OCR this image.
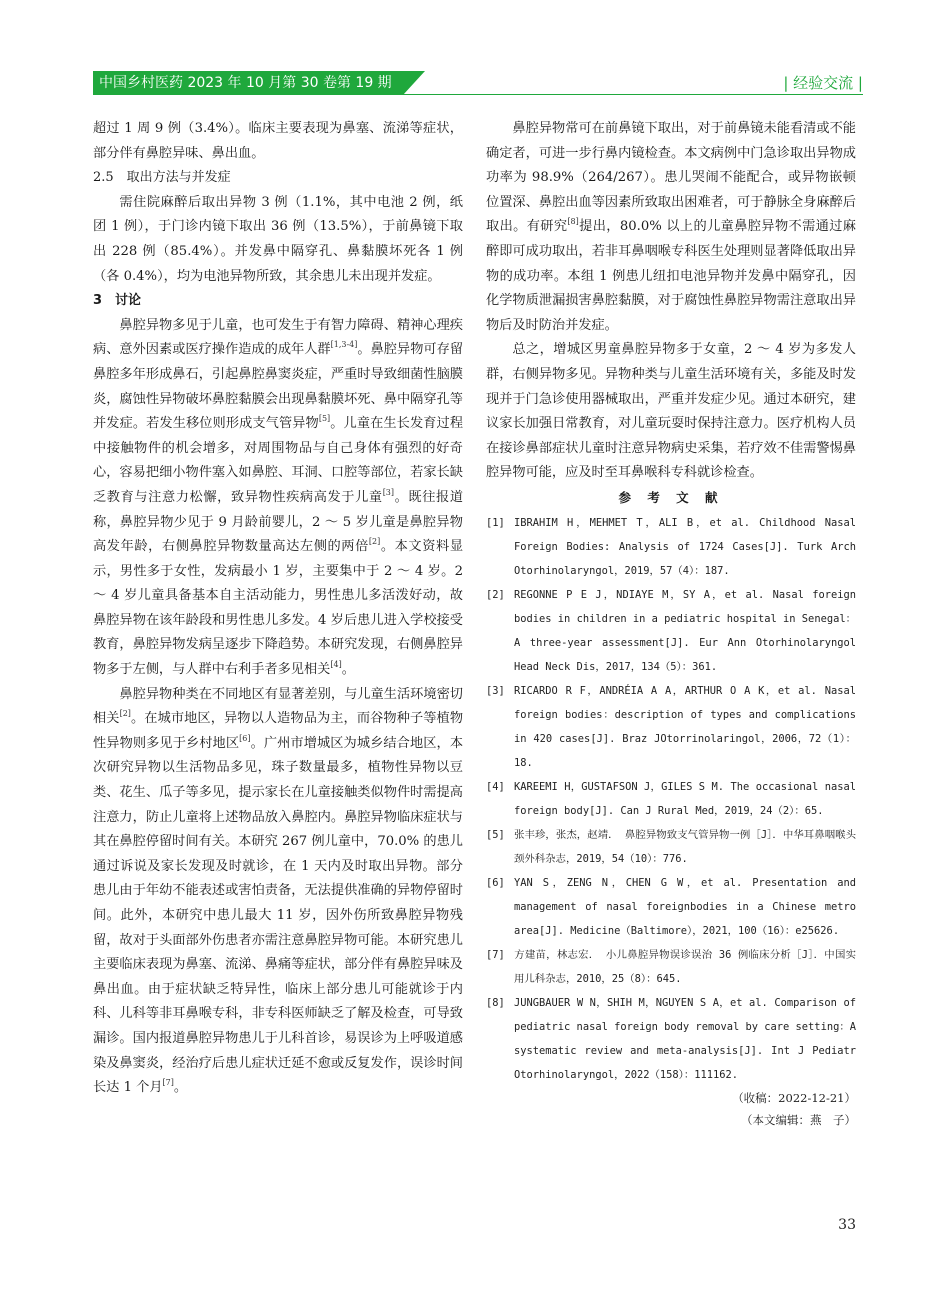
中国乡村医药 2023 年 10 月第 30 卷第 19 期	| 经验交流 |

超过 1 周 9 例（3.4%）。临床主要表现为鼻塞、流涕等症状，部分伴有鼻腔异味、鼻出血。

2.5　取出方法与并发症

需住院麻醉后取出异物 3 例（1.1%，其中电池 2 例，纸团 1 例），于门诊内镜下取出 36 例（13.5%），于前鼻镜下取出 228 例（85.4%）。并发鼻中隔穿孔、鼻黏膜坏死各 1 例（各 0.4%），均为电池异物所致，其余患儿未出现并发症。

3　讨论

鼻腔异物多见于儿童，也可发生于有智力障碍、精神心理疾病、意外因素或医疗操作造成的成年人群[1,3-4]。鼻腔异物可存留鼻腔多年形成鼻石，引起鼻腔鼻窦炎症，严重时导致细菌性脑膜炎，腐蚀性异物破坏鼻腔黏膜会出现鼻黏膜坏死、鼻中隔穿孔等并发症。若发生移位则形成支气管异物[5]。儿童在生长发育过程中接触物件的机会增多，对周围物品与自己身体有强烈的好奇心，容易把细小物件塞入如鼻腔、耳洞、口腔等部位，若家长缺乏教育与注意力松懈，致异物性疾病高发于儿童[3]。既往报道称，鼻腔异物少见于 9 月龄前婴儿，2 ～ 5 岁儿童是鼻腔异物高发年龄，右侧鼻腔异物数量高达左侧的两倍[2]。本文资料显示，男性多于女性，发病最小 1 岁，主要集中于 2 ～ 4 岁。2 ～ 4 岁儿童具备基本自主活动能力，男性患儿多活泼好动，故鼻腔异物在该年龄段和男性患儿多发。4 岁后患儿进入学校接受教育，鼻腔异物发病呈逐步下降趋势。本研究发现，右侧鼻腔异物多于左侧，与人群中右利手者多见相关[4]。

鼻腔异物种类在不同地区有显著差别，与儿童生活环境密切相关[2]。在城市地区，异物以人造物品为主，而谷物种子等植物性异物则多见于乡村地区[6]。广州市增城区为城乡结合地区，本次研究异物以生活物品多见，珠子数量最多，植物性异物以豆类、花生、瓜子等多见，提示家长在儿童接触类似物件时需提高注意力，防止儿童将上述物品放入鼻腔内。鼻腔异物临床症状与其在鼻腔停留时间有关。本研究 267 例儿童中，70.0% 的患儿通过诉说及家长发现及时就诊，在 1 天内及时取出异物。部分患儿由于年幼不能表述或害怕责备，无法提供准确的异物停留时间。此外，本研究中患儿最大 11 岁，因外伤所致鼻腔异物残留，故对于头面部外伤患者亦需注意鼻腔异物可能。本研究患儿主要临床表现为鼻塞、流涕、鼻痛等症状，部分伴有鼻腔异味及鼻出血。由于症状缺乏特异性，临床上部分患儿可能就诊于内科、儿科等非耳鼻喉专科，非专科医师缺乏了解及检查，可导致漏诊。国内报道鼻腔异物患儿于儿科首诊，易误诊为上呼吸道感染及鼻窦炎，经治疗后患儿症状迁延不愈或反复发作，误诊时间长达 1 个月[7]。

鼻腔异物常可在前鼻镜下取出，对于前鼻镜未能看清或不能确定者，可进一步行鼻内镜检查。本文病例中门急诊取出异物成功率为 98.9%（264/267）。患儿哭闹不能配合，或异物嵌顿位置深、鼻腔出血等因素所致取出困难者，可于静脉全身麻醉后取出。有研究[8]提出，80.0% 以上的儿童鼻腔异物不需通过麻醉即可成功取出，若非耳鼻咽喉专科医生处理则显著降低取出异物的成功率。本组 1 例患儿纽扣电池异物并发鼻中隔穿孔，因化学物质泄漏损害鼻腔黏膜，对于腐蚀性鼻腔异物需注意取出异物后及时防治并发症。

总之，增城区男童鼻腔异物多于女童，2 ～ 4 岁为多发人群，右侧异物多见。异物种类与儿童生活环境有关，多能及时发现并于门急诊使用器械取出，严重并发症少见。通过本研究，建议家长加强日常教育，对儿童玩耍时保持注意力。医疗机构人员在接诊鼻部症状儿童时注意异物病史采集，若疗效不佳需警惕鼻腔异物可能，应及时至耳鼻喉科专科就诊检查。

参 考 文 献

[1] IBRAHIM H，MEHMET T，ALI B，et al. Childhood Nasal Foreign Bodies: Analysis of 1724 Cases[J]. Turk Arch Otorhinolaryngol，2019，57（4）：187.

[2] REGONNE P E J，NDIAYE M，SY A，et al. Nasal foreign bodies in children in a pediatric hospital in Senegal： A three-year assessment[J]. Eur Ann Otorhinolaryngol Head Neck Dis，2017，134（5）：361.

[3] RICARDO R F，ANDRÉIA A A，ARTHUR O A K，et al. Nasal foreign bodies：description of types and complications in 420 cases[J]. Braz JOtorrinolaringol，2006，72（1）：18.

[4] KAREEMI H，GUSTAFSON J，GILES S M. The occasional nasal foreign body[J]. Can J Rural Med，2019，24（2）：65.

[5] 张丰珍，张杰，赵靖． 鼻腔异物致支气管异物一例［J］．中华耳鼻咽喉头颈外科杂志，2019，54（10）：776.

[6] YAN S，ZENG N，CHEN G W，et al. Presentation and management of nasal foreignbodies in a Chinese metro area[J]. Medicine（Baltimore），2021，100（16）：e25626.

[7] 方建苗，林志宏． 小儿鼻腔异物误诊误治 36 例临床分析［J］．中国实用儿科杂志，2010，25（8）：645.

[8] JUNGBAUER W N，SHIH M，NGUYEN S A，et al. Comparison of pediatric nasal foreign body removal by care setting：A systematic review and meta-analysis[J]. Int J Pediatr Otorhinolaryngol，2022（158）：111162.

（收稿：2022-12-21）

（本文编辑：燕　子）

33
